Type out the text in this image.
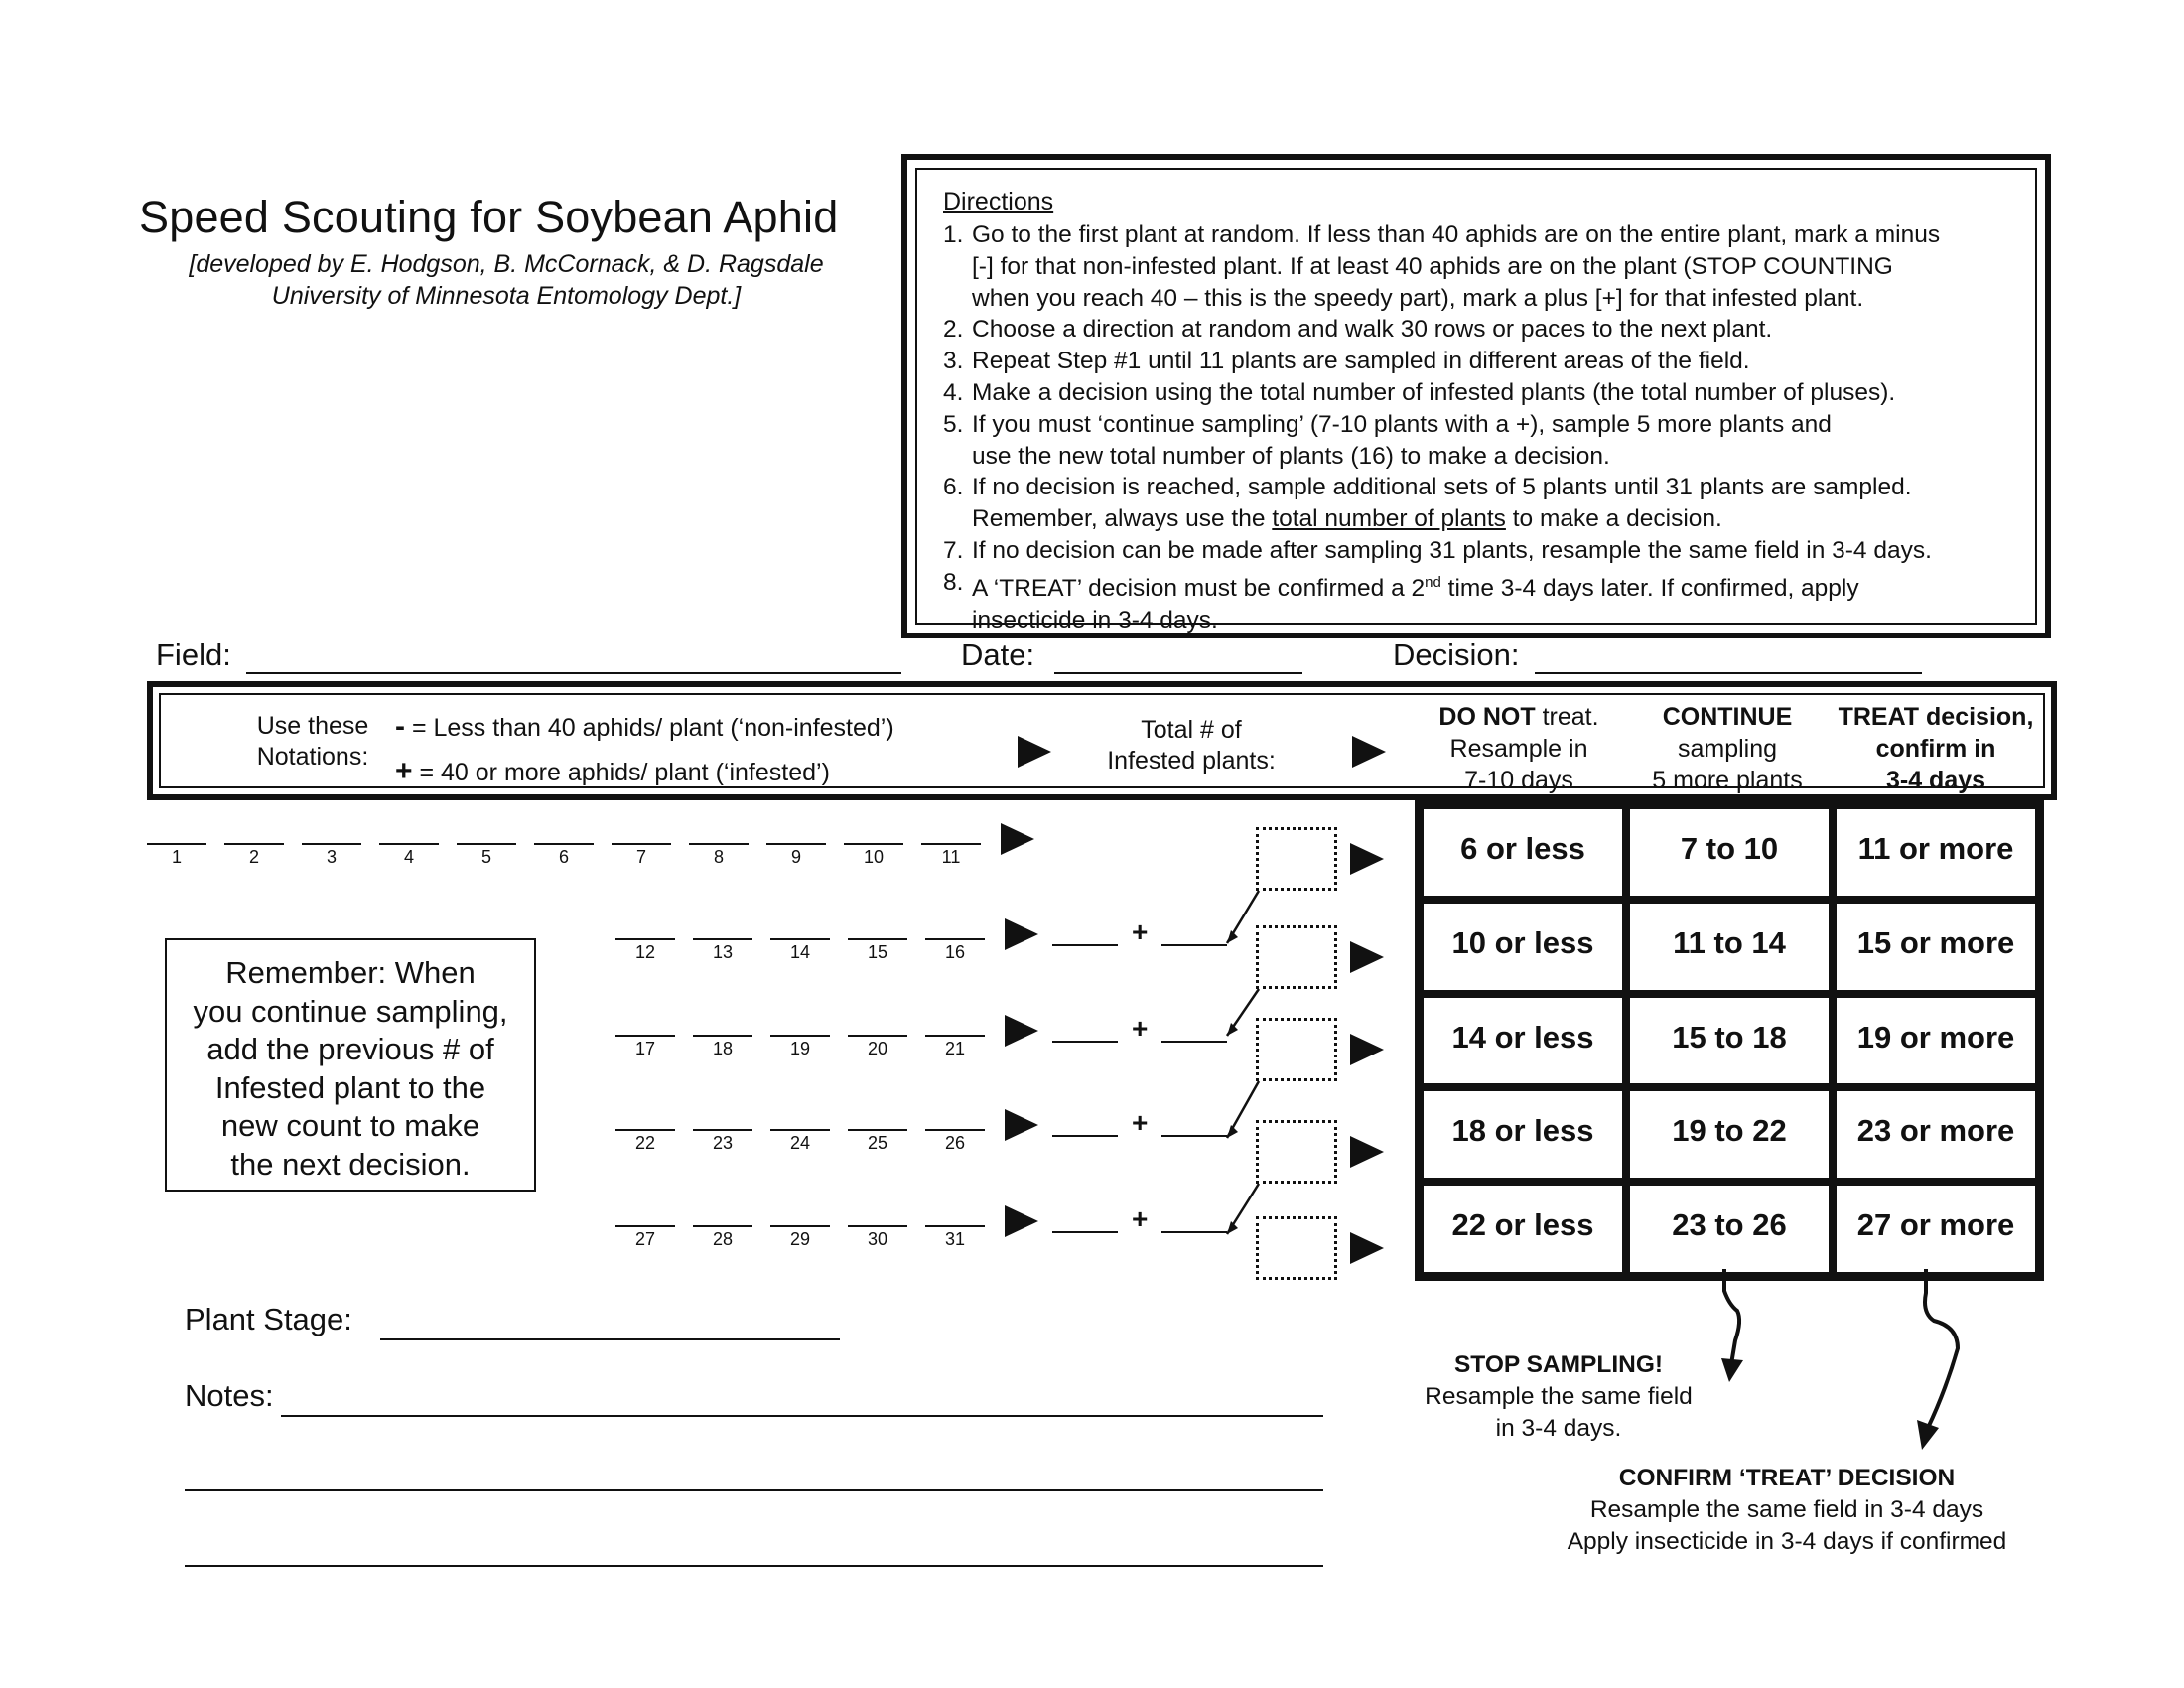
Speed Scouting for Soybean Aphid
[developed by E. Hodgson, B. McCornack, & D. Ragsdale
University of Minnesota Entomology Dept.]
Directions
1. Go to the first plant at random. If less than 40 aphids are on the entire plant, mark a minus
[-] for that non-infested plant. If at least 40 aphids are on the plant (STOP COUNTING
when you reach 40 – this is the speedy part), mark a plus [+] for that infested plant.
2. Choose a direction at random and walk 30 rows or paces to the next plant.
3. Repeat Step #1 until 11 plants are sampled in different areas of the field.
4. Make a decision using the total number of infested plants (the total number of pluses).
5. If you must ‘continue sampling’ (7-10 plants with a +), sample 5 more plants and
use the new total number of plants (16) to make a decision.
6. If no decision is reached, sample additional sets of 5 plants until 31 plants are sampled.
Remember, always use the total number of plants to make a decision.
7. If no decision can be made after sampling 31 plants, resample the same field in 3-4 days.
8. A ‘TREAT’ decision must be confirmed a 2nd time 3-4 days later. If confirmed, apply
insecticide in 3-4 days.
Field:	Date:	Decision:
Use these
Notations:
- = Less than 40 aphids/ plant (‘non-infested’)
+ = 40 or more aphids/ plant (‘infested’)
Total # of
Infested plants:
DO NOT treat.
Resample in
7-10 days
CONTINUE
sampling
5 more plants
TREAT decision,
confirm in
3-4 days
6 or less	7 to 10	11 or more
10 or less	11 to 14	15 or more
14 or less	15 to 18	19 or more
18 or less	19 to 22	23 or more
22 or less	23 to 26	27 or more
1	2	3	4	5	6	7	8	9	10	11
12	13	14	15	16
+
17	18	19	20	21
+
22	23	24	25	26
+
27	28	29	30	31
+
Remember: When
you continue sampling,
add the previous # of
Infested plant to the
new count to make
the next decision.
Plant Stage:
Notes:
STOP SAMPLING!
Resample the same field
in 3-4 days.
CONFIRM ‘TREAT’ DECISION
Resample the same field in 3-4 days
Apply insecticide in 3-4 days if confirmed
